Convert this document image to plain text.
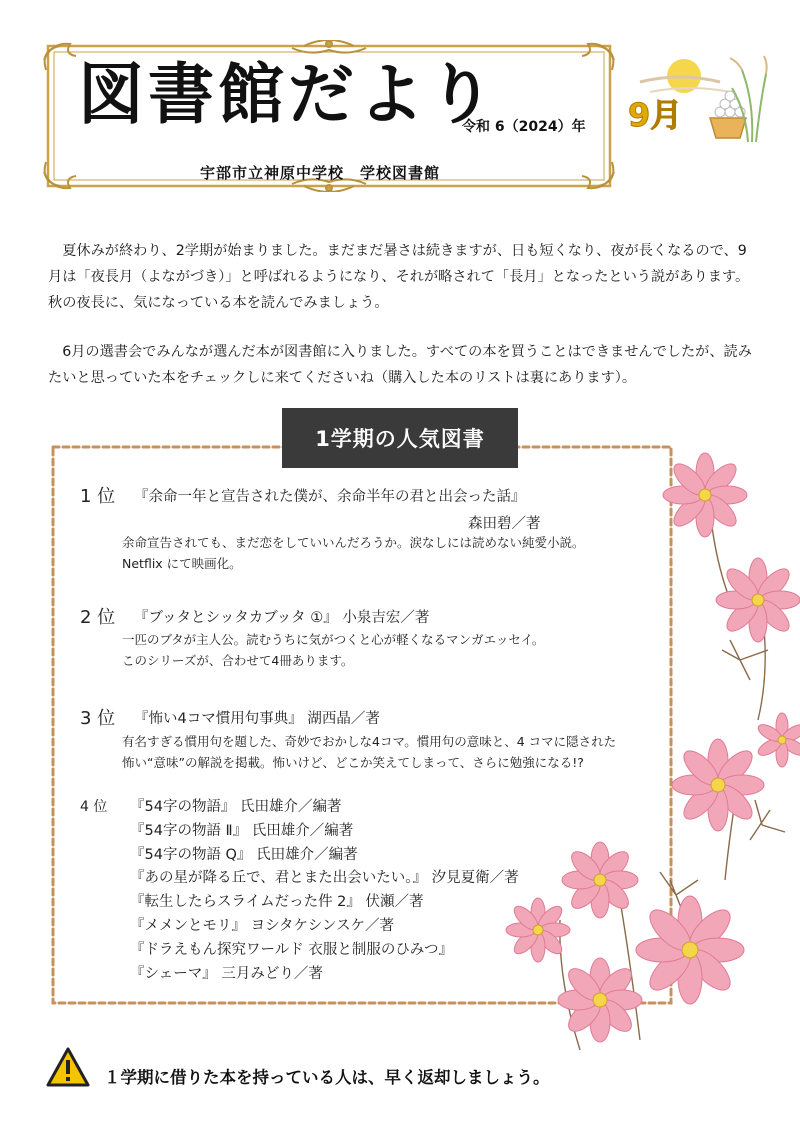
図書館だより
令和 6（2024）年
宇部市立神原中学校　学校図書館
9月

夏休みが終わり、2学期が始まりました。まだまだ暑さは続きますが、日も短くなり、夜が長くなるので、9月は「夜長月（よながづき）」と呼ばれるようになり、それが略されて「長月」となったという説があります。秋の夜長に、気になっている本を読んでみましょう。

6月の選書会でみんなが選んだ本が図書館に入りました。すべての本を買うことはできませんでしたが、読みたいと思っていた本をチェックしに来てくださいね（購入した本のリストは裏にあります）。

1学期の人気図書
1 位 『余命一年と宣告された僕が、余命半年の君と出会った話』
森田碧／著
余命宣告されても、まだ恋をしていいんだろうか。涙なしには読めない純愛小説。
Netflix にて映画化。
2 位 『ブッタとシッタカブッタ ①』 小泉吉宏／著
一匹のブタが主人公。読むうちに気がつくと心が軽くなるマンガエッセイ。
このシリーズが、合わせて4冊あります。
3 位 『怖い4コマ慣用句事典』 湖西晶／著
有名すぎる慣用句を題した、奇妙でおかしな4コマ。慣用句の意味と、4 コマに隠された
怖い“意味”の解説を掲載。怖いけど、どこか笑えてしまって、さらに勉強になる!?
4 位 『54字の物語』 氏田雄介／編著
『54字の物語 Ⅱ』 氏田雄介／編著
『54字の物語 Q』 氏田雄介／編著
『あの星が降る丘で、君とまた出会いたい。』 汐見夏衛／著
『転生したらスライムだった件 2』 伏瀬／著
『メメンとモリ』 ヨシタケシンスケ／著
『ドラえもん探究ワールド 衣服と制服のひみつ』
『シェーマ』 三月みどり／著
１学期に借りた本を持っている人は、早く返却しましょう。
